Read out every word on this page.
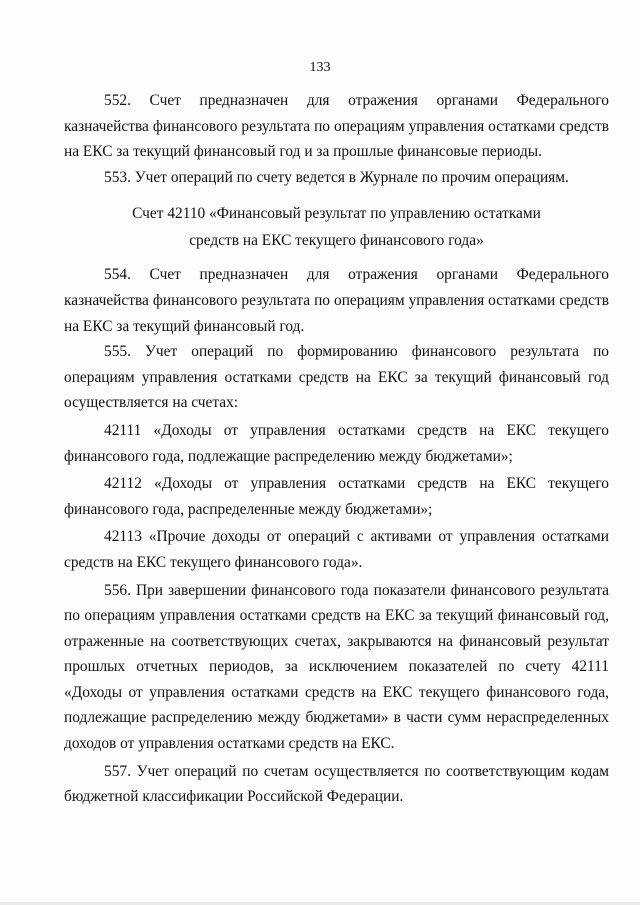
133

552. Счет предназначен для отражения органами Федерального казначейства финансового результата по операциям управления остатками средств на ЕКС за текущий финансовый год и за прошлые финансовые периоды.

553. Учет операций по счету ведется в Журнале по прочим операциям.

Счет 42110 «Финансовый результат по управлению остатками
средств на ЕКС текущего финансового года»

554. Счет предназначен для отражения органами Федерального казначейства финансового результата по операциям управления остатками средств на ЕКС за текущий финансовый год.

555. Учет операций по формированию финансового результата по операциям управления остатками средств на ЕКС за текущий финансовый год осуществляется на счетах:

42111 «Доходы от управления остатками средств на ЕКС текущего финансового года, подлежащие распределению между бюджетами»;

42112 «Доходы от управления остатками средств на ЕКС текущего финансового года, распределенные между бюджетами»;

42113 «Прочие доходы от операций с активами от управления остатками средств на ЕКС текущего финансового года».

556. При завершении финансового года показатели финансового результата по операциям управления остатками средств на ЕКС за текущий финансовый год, отраженные на соответствующих счетах, закрываются на финансовый результат прошлых отчетных периодов, за исключением показателей по счету 42111 «Доходы от управления остатками средств на ЕКС текущего финансового года, подлежащие распределению между бюджетами» в части сумм нераспределенных доходов от управления остатками средств на ЕКС.

557. Учет операций по счетам осуществляется по соответствующим кодам бюджетной классификации Российской Федерации.
